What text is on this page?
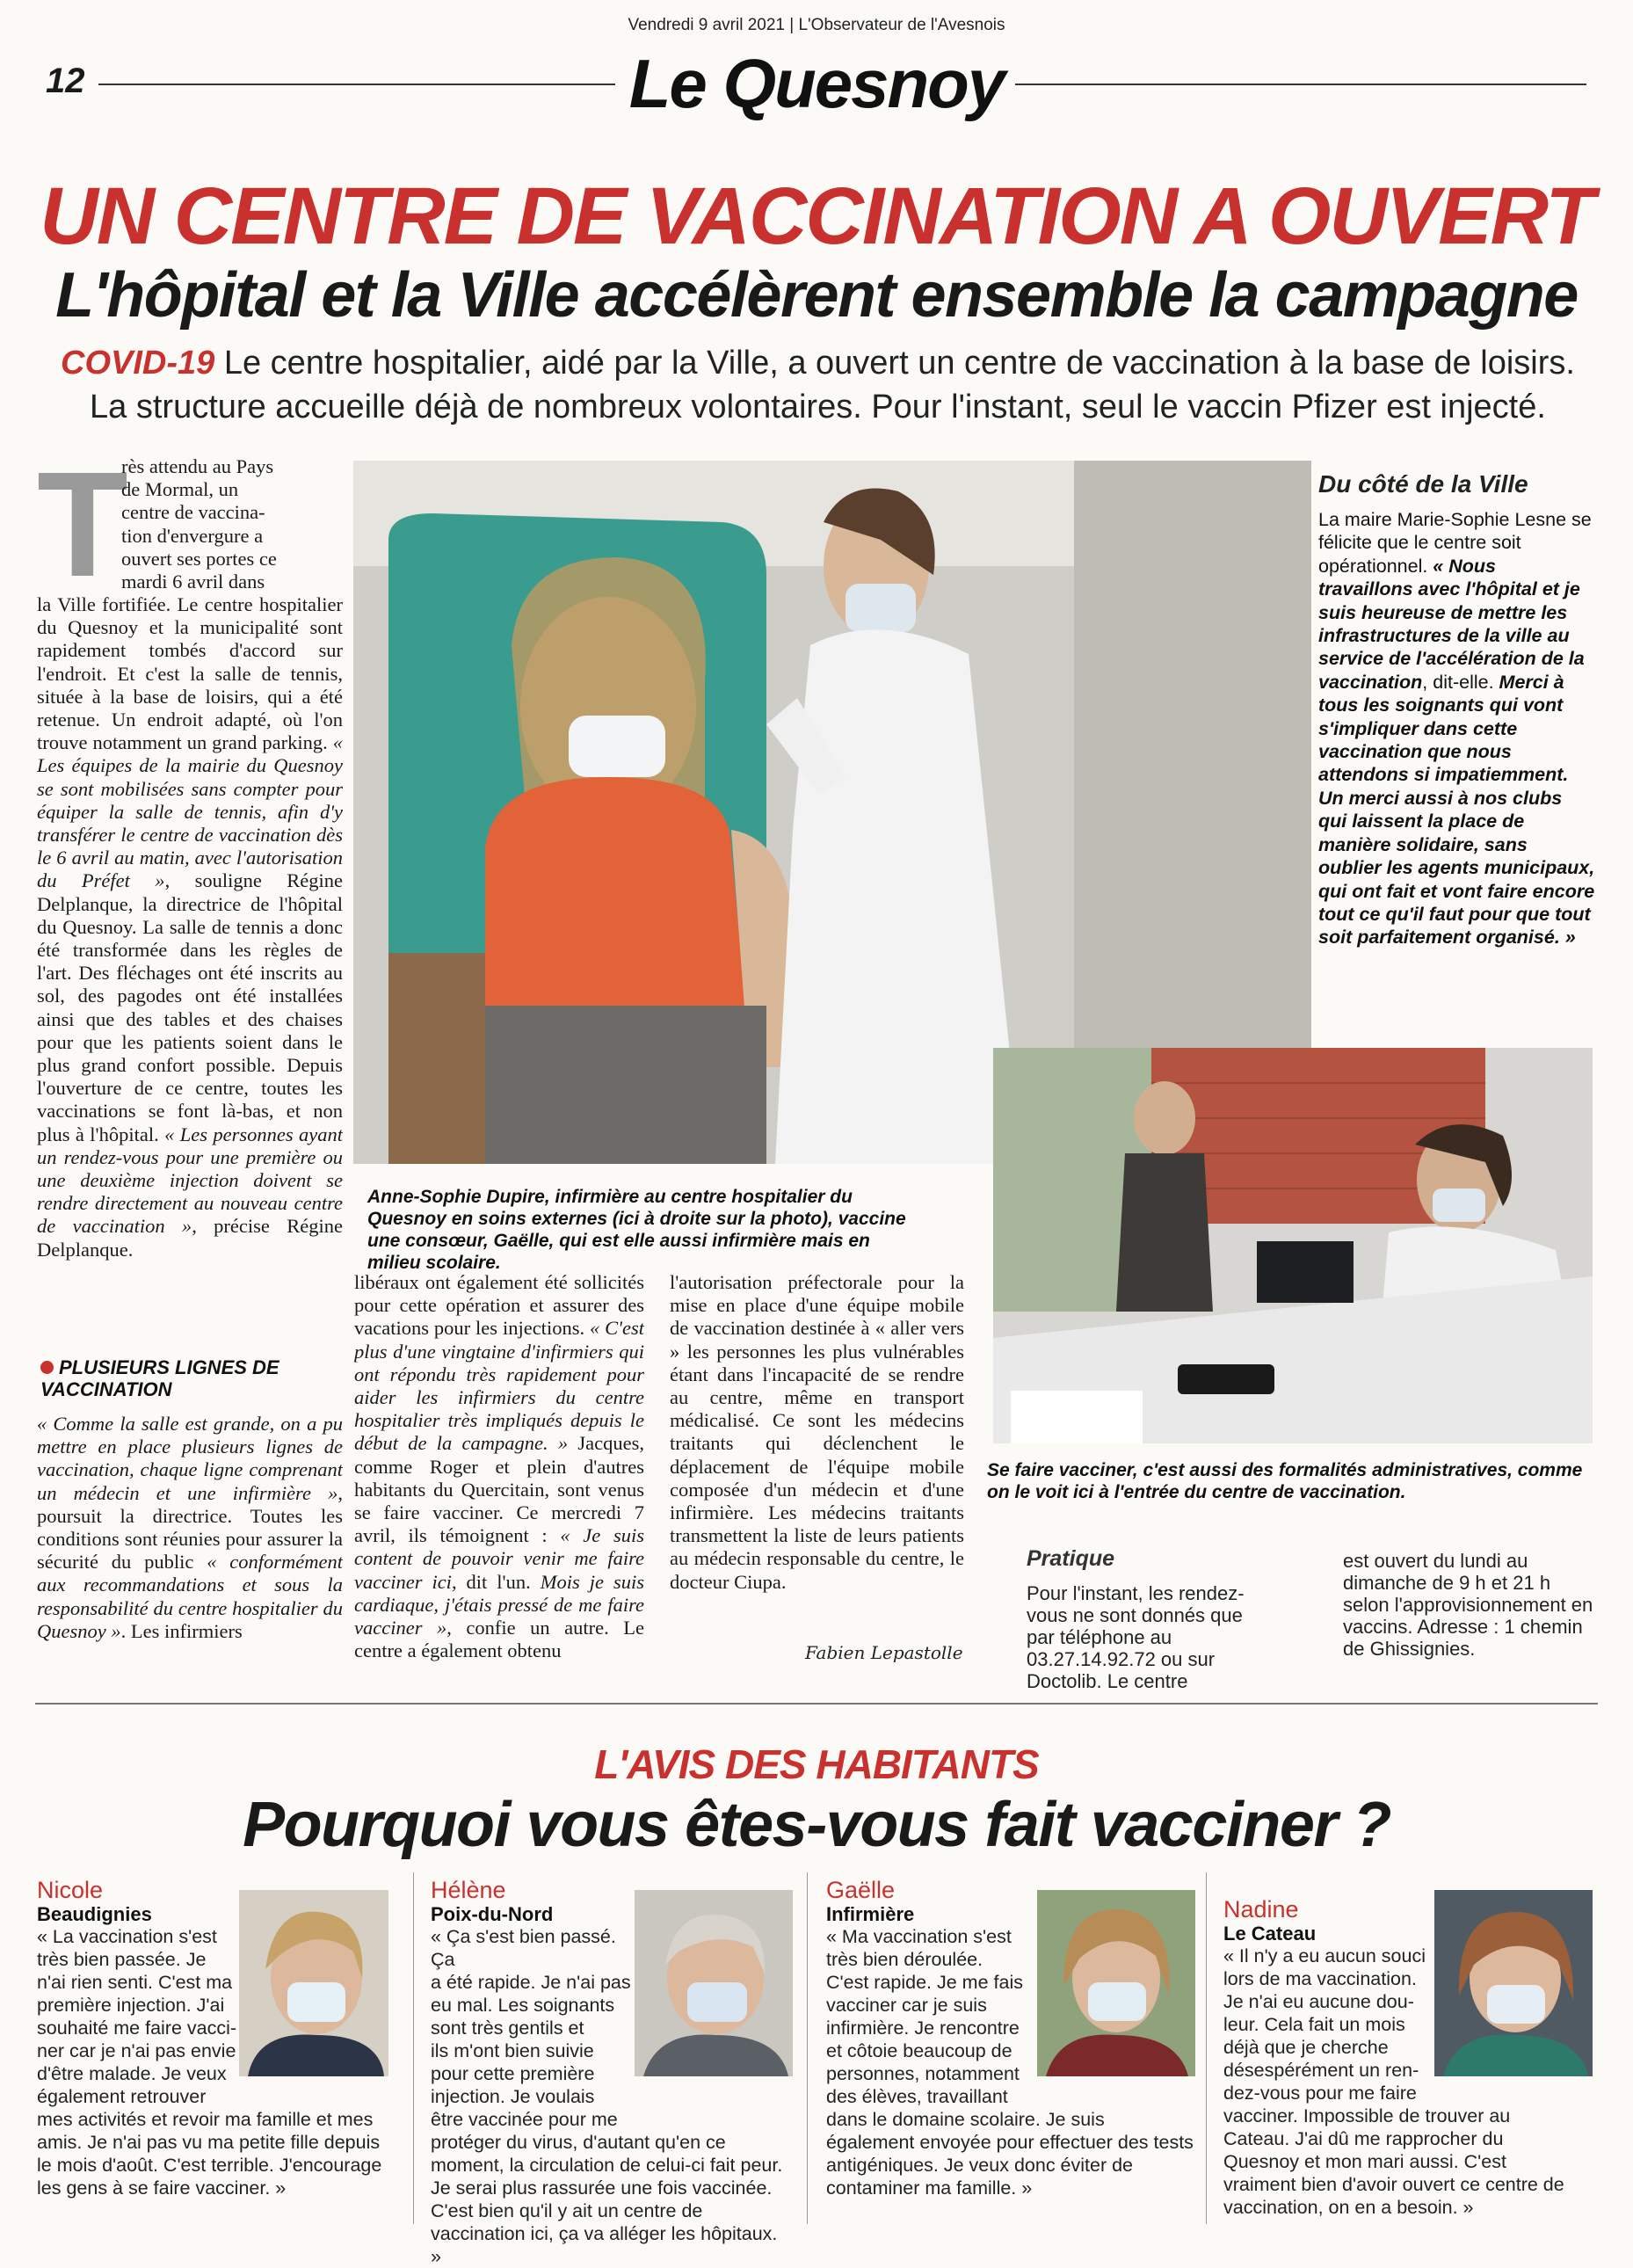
Vendredi 9 avril 2021 | L'Observateur de l'Avesnois
12	Le Quesnoy
UN CENTRE DE VACCINATION A OUVERT
L'hôpital et la Ville accélèrent ensemble la campagne
COVID-19 Le centre hospitalier, aidé par la Ville, a ouvert un centre de vaccination à la base de loisirs. La structure accueille déjà de nombreux volontaires. Pour l'instant, seul le vaccin Pfizer est injecté.
T
rès attendu au Pays
de Mormal, un
centre de vaccina-
tion d'envergure a
ouvert ses portes ce
mardi 6 avril dans

la Ville fortifiée. Le centre hospitalier du Quesnoy et la municipalité sont rapidement tombés d'accord sur l'endroit. Et c'est la salle de tennis, située à la base de loisirs, qui a été retenue. Un endroit adapté, où l'on trouve notamment un grand parking. « Les équipes de la mairie du Quesnoy se sont mobilisées sans compter pour équiper la salle de tennis, afin d'y transférer le centre de vaccination dès le 6 avril au matin, avec l'autorisation du Préfet », souligne Régine Delplanque, la directrice de l'hôpital du Quesnoy. La salle de tennis a donc été transformée dans les règles de l'art. Des fléchages ont été inscrits au sol, des pagodes ont été installées ainsi que des tables et des chaises pour que les patients soient dans le plus grand confort possible. Depuis l'ouverture de ce centre, toutes les vaccinations se font là-bas, et non plus à l'hôpital. « Les personnes ayant un rendez-vous pour une première ou une deuxième injection doivent se rendre directement au nouveau centre de vaccination », précise Régine Delplanque.

PLUSIEURS LIGNES DE VACCINATION

« Comme la salle est grande, on a pu mettre en place plusieurs lignes de vaccination, chaque ligne comprenant un médecin et une infirmière », poursuit la directrice. Toutes les conditions sont réunies pour assurer la sécurité du public « conformément aux recommandations et sous la responsabilité du centre hospitalier du Quesnoy ». Les infirmiers

Anne-Sophie Dupire, infirmière au centre hospitalier du Quesnoy en soins externes (ici à droite sur la photo), vaccine une consœur, Gaëlle, qui est elle aussi infirmière mais en milieu scolaire.
Du côté de la Ville
La maire Marie-Sophie Lesne se félicite que le centre soit opérationnel. « Nous travaillons avec l'hôpital et je suis heureuse de mettre les infrastructures de la ville au service de l'accélération de la vaccination, dit-elle. Merci à tous les soignants qui vont s'impliquer dans cette vaccination que nous attendons si impatiemment. Un merci aussi à nos clubs qui laissent la place de manière solidaire, sans oublier les agents municipaux, qui ont fait et vont faire encore tout ce qu'il faut pour que tout soit parfaitement organisé. »
Se faire vacciner, c'est aussi des formalités administratives, comme on le voit ici à l'entrée du centre de vaccination.

libéraux ont également été sollicités pour cette opération et assurer des vacations pour les injections. « C'est plus d'une vingtaine d'infirmiers qui ont répondu très rapidement pour aider les infirmiers du centre hospitalier très impliqués depuis le début de la campagne. » Jacques, comme Roger et plein d'autres habitants du Quercitain, sont venus se faire vacciner. Ce mercredi 7 avril, ils témoignent : « Je suis content de pouvoir venir me faire vacciner ici, dit l'un. Mois je suis cardiaque, j'étais pressé de me faire vacciner », confie un autre. Le centre a également obtenu

l'autorisation préfectorale pour la mise en place d'une équipe mobile de vaccination destinée à « aller vers » les personnes les plus vulnérables étant dans l'incapacité de se rendre au centre, même en transport médicalisé. Ce sont les médecins traitants qui déclenchent le déplacement de l'équipe mobile composée d'un médecin et d'une infirmière. Les médecins traitants transmettent la liste de leurs patients au médecin responsable du centre, le docteur Ciupa.

Fabien Lepastolle
Pratique
Pour l'instant, les rendez-vous ne sont donnés que par téléphone au 03.27.14.92.72 ou sur Doctolib. Le centre
est ouvert du lundi au dimanche de 9 h et 21 h selon l'approvisionnement en vaccins. Adresse : 1 chemin de Ghissignies.
L'AVIS DES HABITANTS
Pourquoi vous êtes-vous fait vacciner ?
Nicole
Beaudignies
« La vaccination s'est
très bien passée. Je
n'ai rien senti. C'est ma
première injection. J'ai
souhaité me faire vacci-
ner car je n'ai pas envie
d'être malade. Je veux
également retrouver
mes activités et revoir ma famille et mes amis. Je n'ai pas vu ma petite fille depuis le mois d'août. C'est terrible. J'encourage les gens à se faire vacciner. »
Hélène
Poix-du-Nord
« Ça s'est bien passé. Ça
a été rapide. Je n'ai pas
eu mal. Les soignants
sont très gentils et
ils m'ont bien suivie
pour cette première
injection. Je voulais
être vaccinée pour me
protéger du virus, d'autant qu'en ce moment, la circulation de celui-ci fait peur. Je serai plus rassurée une fois vaccinée. C'est bien qu'il y ait un centre de vaccination ici, ça va alléger les hôpitaux. »
Gaëlle
Infirmière
« Ma vaccination s'est
très bien déroulée.
C'est rapide. Je me fais
vacciner car je suis
infirmière. Je rencontre
et côtoie beaucoup de
personnes, notamment
des élèves, travaillant
dans le domaine scolaire. Je suis également envoyée pour effectuer des tests antigéniques. Je veux donc éviter de contaminer ma famille. »
Nadine
Le Cateau
« Il n'y a eu aucun souci
lors de ma vaccination.
Je n'ai eu aucune dou-
leur. Cela fait un mois
déjà que je cherche
désespérément un ren-
dez-vous pour me faire
vacciner. Impossible de trouver au Cateau. J'ai dû me rapprocher du Quesnoy et mon mari aussi. C'est vraiment bien d'avoir ouvert ce centre de vaccination, on en a besoin. »
